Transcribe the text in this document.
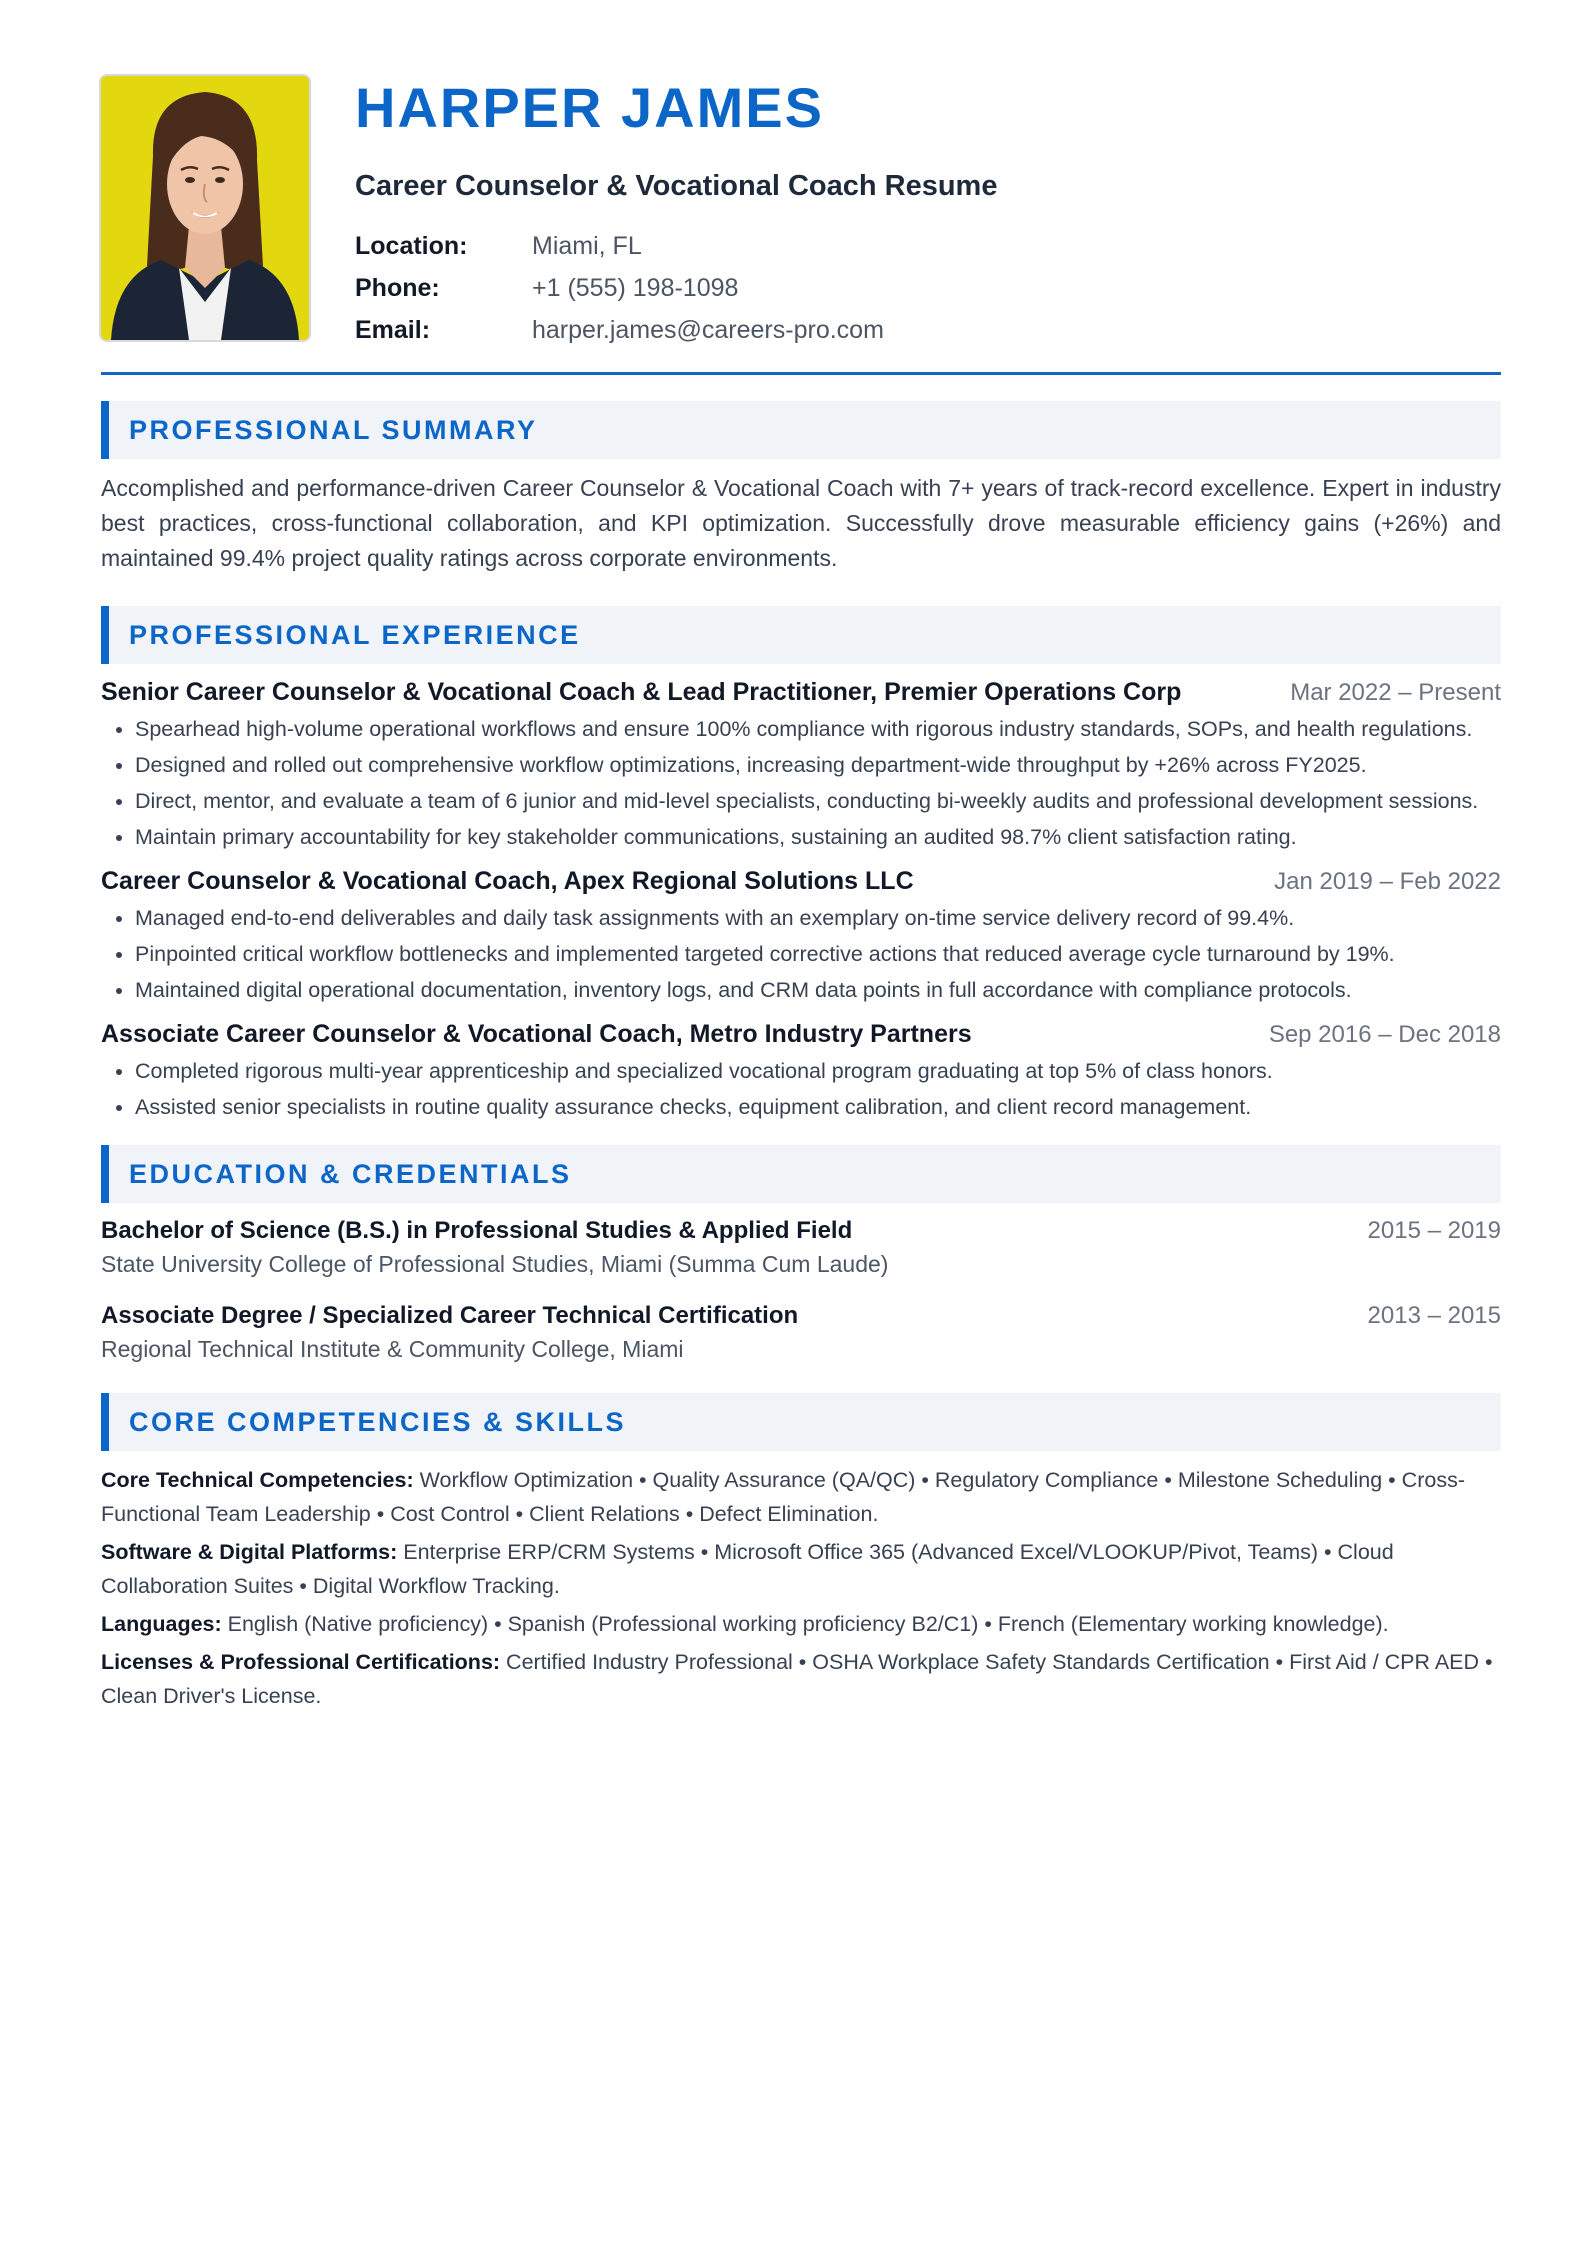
HARPER JAMES
Career Counselor & Vocational Coach Resume
Location:	Miami, FL
Phone:	+1 (555) 198-1098
Email:	harper.james@careers-pro.com
PROFESSIONAL SUMMARY

Accomplished and performance-driven Career Counselor & Vocational Coach with 7+ years of track-record excellence. Expert in industry best practices, cross-functional collaboration, and KPI optimization. Successfully drove measurable efficiency gains (+26%) and maintained 99.4% project quality ratings across corporate environments.

PROFESSIONAL EXPERIENCE
Senior Career Counselor & Vocational Coach & Lead Practitioner, Premier Operations Corp	Mar 2022 – Present
• Spearhead high-volume operational workflows and ensure 100% compliance with rigorous industry standards, SOPs, and health regulations.
• Designed and rolled out comprehensive workflow optimizations, increasing department-wide throughput by +26% across FY2025.
• Direct, mentor, and evaluate a team of 6 junior and mid-level specialists, conducting bi-weekly audits and professional development sessions.
• Maintain primary accountability for key stakeholder communications, sustaining an audited 98.7% client satisfaction rating.
Career Counselor & Vocational Coach, Apex Regional Solutions LLC	Jan 2019 – Feb 2022
• Managed end-to-end deliverables and daily task assignments with an exemplary on-time service delivery record of 99.4%.
• Pinpointed critical workflow bottlenecks and implemented targeted corrective actions that reduced average cycle turnaround by 19%.
• Maintained digital operational documentation, inventory logs, and CRM data points in full accordance with compliance protocols.
Associate Career Counselor & Vocational Coach, Metro Industry Partners	Sep 2016 – Dec 2018
• Completed rigorous multi-year apprenticeship and specialized vocational program graduating at top 5% of class honors.
• Assisted senior specialists in routine quality assurance checks, equipment calibration, and client record management.
EDUCATION & CREDENTIALS
Bachelor of Science (B.S.) in Professional Studies & Applied Field	2015 – 2019
State University College of Professional Studies, Miami (Summa Cum Laude)
Associate Degree / Specialized Career Technical Certification	2013 – 2015
Regional Technical Institute & Community College, Miami
CORE COMPETENCIES & SKILLS
Core Technical Competencies: Workflow Optimization • Quality Assurance (QA/QC) • Regulatory Compliance • Milestone Scheduling • Cross-Functional Team Leadership • Cost Control • Client Relations • Defect Elimination.
Software & Digital Platforms: Enterprise ERP/CRM Systems • Microsoft Office 365 (Advanced Excel/VLOOKUP/Pivot, Teams) • Cloud Collaboration Suites • Digital Workflow Tracking.
Languages: English (Native proficiency) • Spanish (Professional working proficiency B2/C1) • French (Elementary working knowledge).
Licenses & Professional Certifications: Certified Industry Professional • OSHA Workplace Safety Standards Certification • First Aid / CPR AED • Clean Driver's License.
